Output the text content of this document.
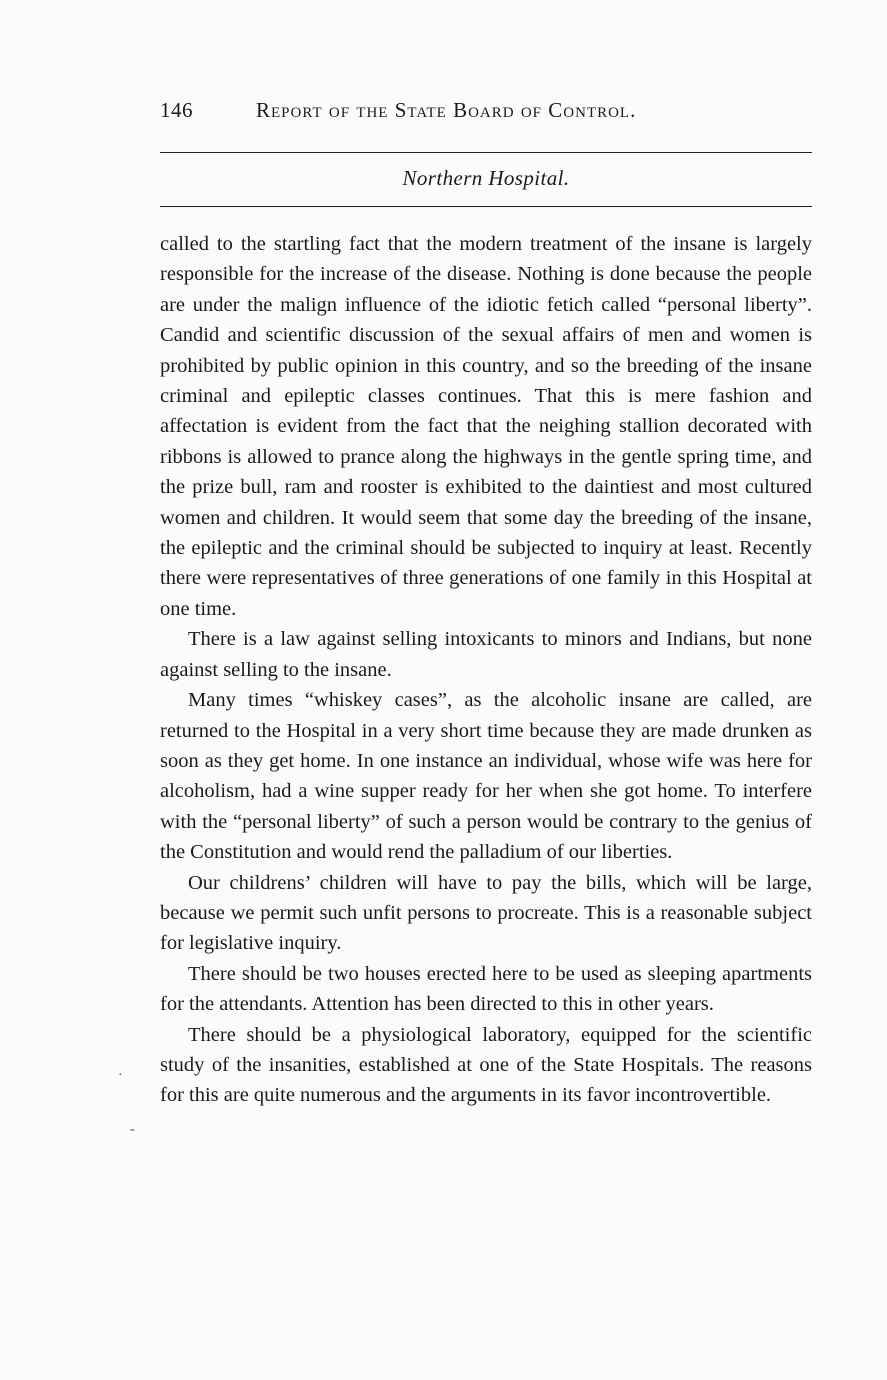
146	Report of the State Board of Control.
Northern Hospital.

called to the startling fact that the modern treatment of the insane is largely responsible for the increase of the disease. Nothing is done because the people are under the malign influence of the idiotic fetich called “personal liberty”. Candid and scientific discussion of the sexual affairs of men and women is prohibited by public opinion in this country, and so the breeding of the insane criminal and epileptic classes continues. That this is mere fashion and affectation is evident from the fact that the neighing stallion decorated with ribbons is allowed to prance along the highways in the gentle spring time, and the prize bull, ram and rooster is exhibited to the daintiest and most cultured women and children. It would seem that some day the breeding of the insane, the epileptic and the criminal should be subjected to inquiry at least. Recently there were representatives of three generations of one family in this Hospital at one time.

There is a law against selling intoxicants to minors and Indians, but none against selling to the insane.

Many times “whiskey cases”, as the alcoholic insane are called, are returned to the Hospital in a very short time because they are made drunken as soon as they get home. In one instance an individual, whose wife was here for alcoholism, had a wine supper ready for her when she got home. To interfere with the “personal liberty” of such a person would be contrary to the genius of the Constitution and would rend the palladium of our liberties.

Our childrens’ children will have to pay the bills, which will be large, because we permit such unfit persons to procreate. This is a reasonable subject for legislative inquiry.

There should be two houses erected here to be used as sleeping apartments for the attendants. Attention has been directed to this in other years.

There should be a physiological laboratory, equipped for the scientific study of the insanities, established at one of the State Hospitals. The reasons for this are quite numerous and the arguments in its favor incontrovertible.

·
-
